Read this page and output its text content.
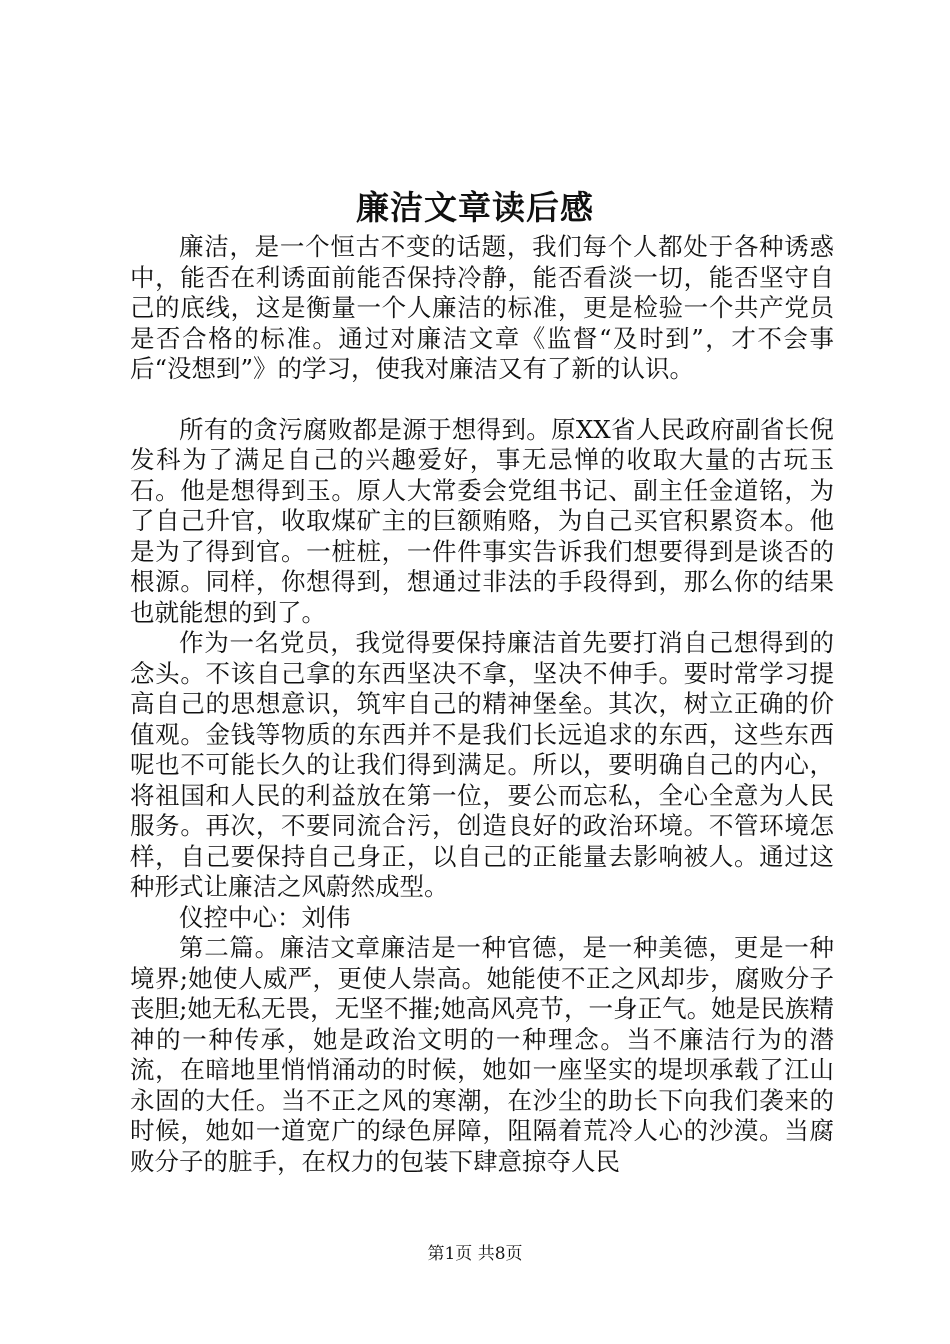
廉洁文章读后感

廉洁，是一个恒古不变的话题，我们每个人都处于各种诱惑中，能否在利诱面前能否保持冷静，能否看淡一切，能否坚守自己的底线，这是衡量一个人廉洁的标准，更是检验一个共产党员是否合格的标准。通过对廉洁文章《监督“及时到”，才不会事后“没想到”》的学习，使我对廉洁又有了新的认识。

所有的贪污腐败都是源于想得到。原XX省人民政府副省长倪发科为了满足自己的兴趣爱好，事无忌惮的收取大量的古玩玉石。他是想得到玉。原人大常委会党组书记、副主任金道铭，为了自己升官，收取煤矿主的巨额贿赂，为自己买官积累资本。他是为了得到官。一桩桩，一件件事实告诉我们想要得到是谈否的根源。同样，你想得到，想通过非法的手段得到，那么你的结果也就能想的到了。

作为一名党员，我觉得要保持廉洁首先要打消自己想得到的念头。不该自己拿的东西坚决不拿，坚决不伸手。要时常学习提高自己的思想意识，筑牢自己的精神堡垒。其次，树立正确的价值观。金钱等物质的东西并不是我们长远追求的东西，这些东西呢也不可能长久的让我们得到满足。所以，要明确自己的内心，将祖国和人民的利益放在第一位，要公而忘私，全心全意为人民服务。再次，不要同流合污，创造良好的政治环境。不管环境怎样，自己要保持自己身正，以自己的正能量去影响被人。通过这种形式让廉洁之风蔚然成型。

仪控中心：刘伟

第二篇。廉洁文章廉洁是一种官德，是一种美德，更是一种境界;她使人威严，更使人崇高。她能使不正之风却步，腐败分子丧胆;她无私无畏，无坚不摧;她高风亮节，一身正气。她是民族精神的一种传承，她是政治文明的一种理念。当不廉洁行为的潜流，在暗地里悄悄涌动的时候，她如一座坚实的堤坝承载了江山永固的大任。当不正之风的寒潮，在沙尘的助长下向我们袭来的时候，她如一道宽广的绿色屏障，阻隔着荒冷人心的沙漠。当腐败分子的脏手，在权力的包装下肆意掠夺人民

第1页 共8页
